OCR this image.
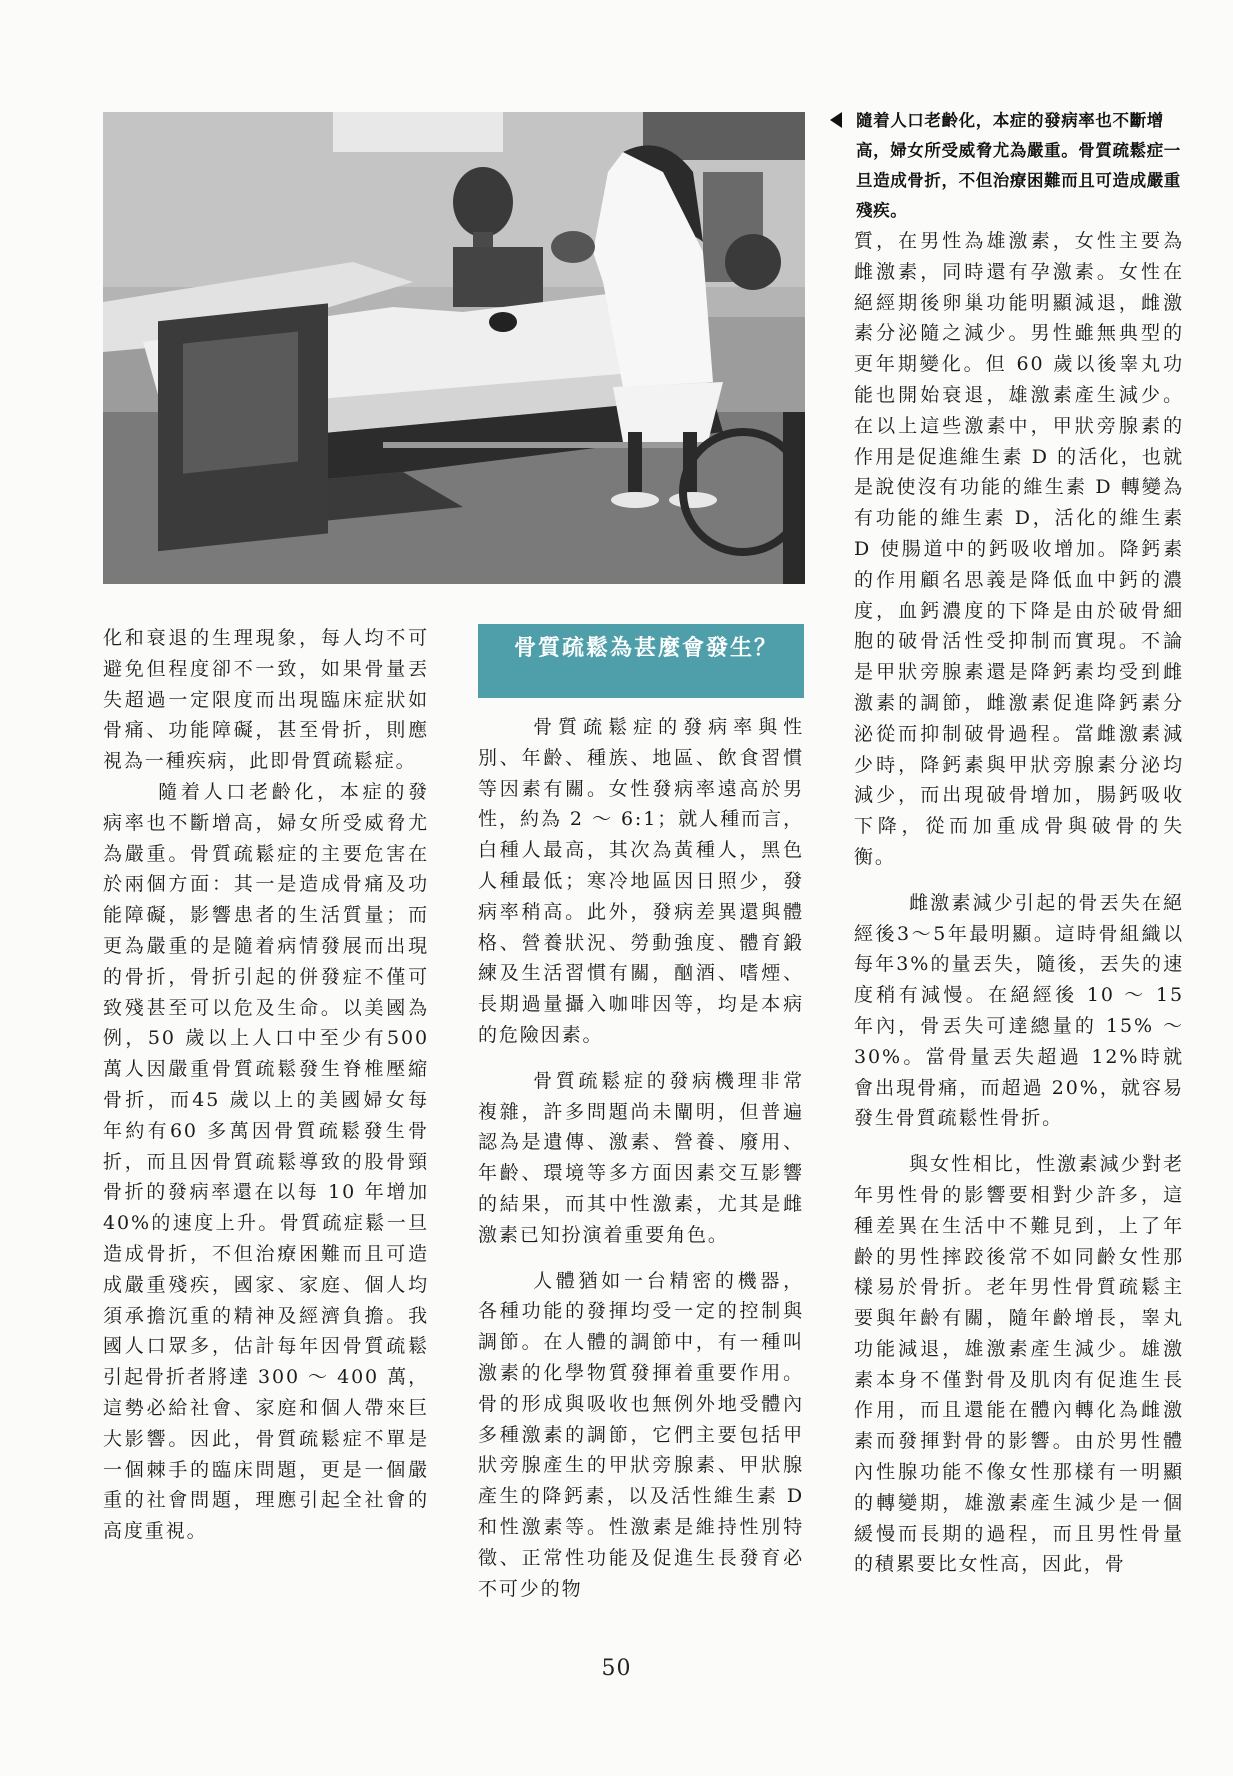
隨着人口老齡化，本症的發病率也不斷增高，婦女所受威脅尤為嚴重。骨質疏鬆症一旦造成骨折，不但治療困難而且可造成嚴重殘疾。

化和衰退的生理現象，每人均不可避免但程度卻不一致，如果骨量丟失超過一定限度而出現臨床症狀如骨痛、功能障礙，甚至骨折，則應視為一種疾病，此即骨質疏鬆症。

隨着人口老齡化，本症的發病率也不斷增高，婦女所受威脅尤為嚴重。骨質疏鬆症的主要危害在於兩個方面：其一是造成骨痛及功能障礙，影響患者的生活質量；而更為嚴重的是隨着病情發展而出現的骨折，骨折引起的併發症不僅可致殘甚至可以危及生命。以美國為例，50 歲以上人口中至少有500萬人因嚴重骨質疏鬆發生脊椎壓縮骨折，而45 歲以上的美國婦女每年約有60 多萬因骨質疏鬆發生骨折，而且因骨質疏鬆導致的股骨頸骨折的發病率還在以每 10 年增加40%的速度上升。骨質疏症鬆一旦造成骨折，不但治療困難而且可造成嚴重殘疾，國家、家庭、個人均須承擔沉重的精神及經濟負擔。我國人口眾多，估計每年因骨質疏鬆引起骨折者將達 300 ～ 400 萬，這勢必給社會、家庭和個人帶來巨大影響。因此，骨質疏鬆症不單是一個棘手的臨床問題，更是一個嚴重的社會問題，理應引起全社會的高度重視。

骨質疏鬆為甚麼會發生？

骨質疏鬆症的發病率與性別、年齡、種族、地區、飲食習慣等因素有關。女性發病率遠高於男性，約為 2 ～ 6:1；就人種而言，白種人最高，其次為黃種人，黑色人種最低；寒冷地區因日照少，發病率稍高。此外，發病差異還與體格、營養狀況、勞動強度、體育鍛練及生活習慣有關，酗酒、嗜煙、長期過量攝入咖啡因等，均是本病的危險因素。

骨質疏鬆症的發病機理非常複雜，許多問題尚未闡明，但普遍認為是遺傳、激素、營養、廢用、年齡、環境等多方面因素交互影響的結果，而其中性激素，尤其是雌激素已知扮演着重要角色。

人體猶如一台精密的機器，各種功能的發揮均受一定的控制與調節。在人體的調節中，有一種叫激素的化學物質發揮着重要作用。骨的形成與吸收也無例外地受體內多種激素的調節，它們主要包括甲狀旁腺產生的甲狀旁腺素、甲狀腺產生的降鈣素，以及活性維生素 D 和性激素等。性激素是維持性別特徵、正常性功能及促進生長發育必不可少的物

質，在男性為雄激素，女性主要為雌激素，同時還有孕激素。女性在絕經期後卵巢功能明顯減退，雌激素分泌隨之減少。男性雖無典型的更年期變化。但 60 歲以後睾丸功能也開始衰退，雄激素產生減少。在以上這些激素中，甲狀旁腺素的作用是促進維生素 D 的活化，也就是說使沒有功能的維生素 D 轉變為有功能的維生素 D，活化的維生素 D 使腸道中的鈣吸收增加。降鈣素的作用顧名思義是降低血中鈣的濃度，血鈣濃度的下降是由於破骨細胞的破骨活性受抑制而實現。不論是甲狀旁腺素還是降鈣素均受到雌激素的調節，雌激素促進降鈣素分泌從而抑制破骨過程。當雌激素減少時，降鈣素與甲狀旁腺素分泌均減少，而出現破骨增加，腸鈣吸收下降，從而加重成骨與破骨的失衡。

雌激素減少引起的骨丟失在絕經後3～5年最明顯。這時骨組織以每年3%的量丟失，隨後，丟失的速度稍有減慢。在絕經後 10 ～ 15 年內，骨丟失可達總量的 15% ～ 30%。當骨量丟失超過 12%時就會出現骨痛，而超過 20%，就容易發生骨質疏鬆性骨折。

與女性相比，性激素減少對老年男性骨的影響要相對少許多，這種差異在生活中不難見到，上了年齡的男性摔跤後常不如同齡女性那樣易於骨折。老年男性骨質疏鬆主要與年齡有關，隨年齡增長，睾丸功能減退，雄激素產生減少。雄激素本身不僅對骨及肌肉有促進生長作用，而且還能在體內轉化為雌激素而發揮對骨的影響。由於男性體內性腺功能不像女性那樣有一明顯的轉變期，雄激素產生減少是一個緩慢而長期的過程，而且男性骨量的積累要比女性高，因此，骨

50
